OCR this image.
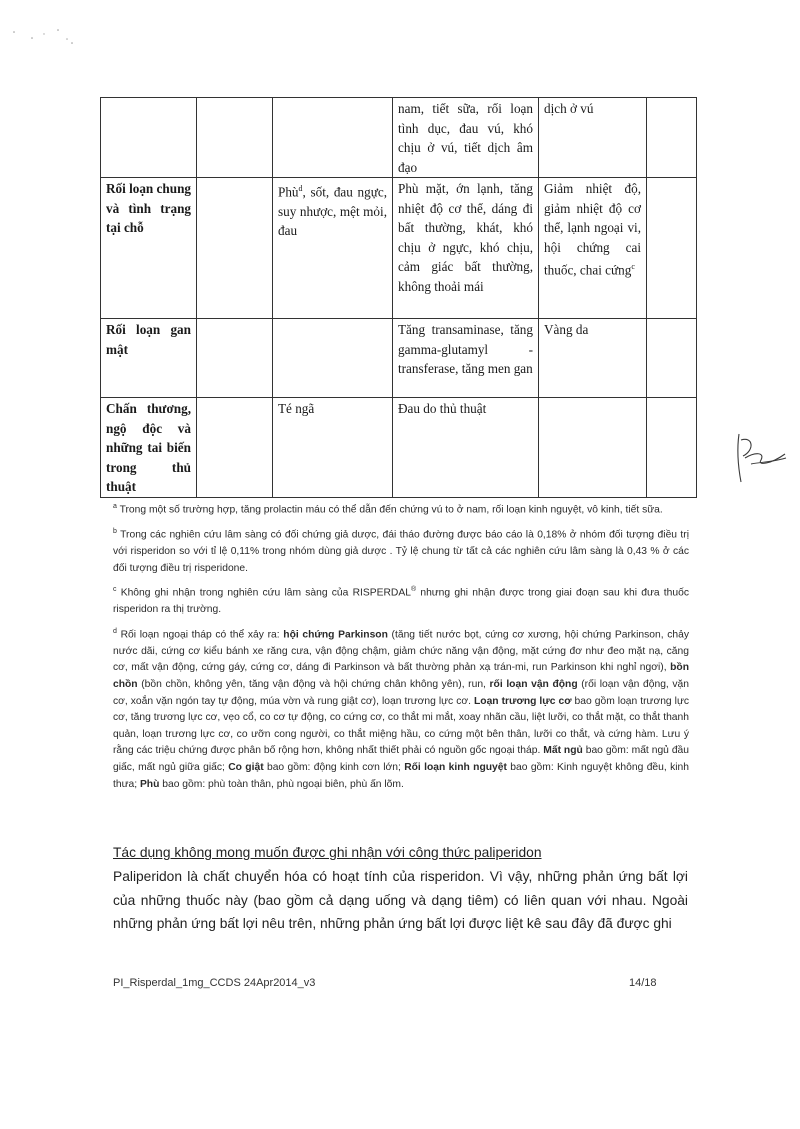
			nam, tiết sữa, rối loạn tình dục, đau vú, khó chịu ở vú, tiết dịch âm đạo	dịch ở vú	
Rối loạn chung và tình trạng tại chỗ		Phù$^d$, sốt, đau ngực, suy nhược, mệt mỏi, đau	Phù mặt, ớn lạnh, tăng nhiệt độ cơ thể, dáng đi bất thường, khát, khó chịu ở ngực, khó chịu, cảm giác bất thường, không thoải mái	Giảm nhiệt độ, giảm nhiệt độ cơ thể, lạnh ngoại vi, hội chứng cai thuốc, chai cứng$^c$	
Rối loạn gan mật			Tăng transaminase, tăng gamma-glutamyl -transferase, tăng men gan	Vàng da	
Chấn thương, ngộ độc và những tai biến trong thủ thuật		Té ngã	Đau do thủ thuật		

$^a$ Trong một số trường hợp, tăng prolactin máu có thể dẫn đến chứng vú to ở nam, rối loạn kinh nguyệt, vô kinh, tiết sữa.

$^b$ Trong các nghiên cứu lâm sàng có đối chứng giả dược, đái tháo đường được báo cáo là 0,18% ở nhóm đối tượng điều trị với risperidon so với tỉ lệ 0,11% trong nhóm dùng giả dược . Tỷ lệ chung từ tất cả các nghiên cứu lâm sàng là 0,43 % ở các đối tượng điều trị risperidone.

$^c$ Không ghi nhận trong nghiên cứu lâm sàng của RISPERDAL® nhưng ghi nhận được trong giai đoạn sau khi đưa thuốc risperidon ra thị trường.

$^d$ Rối loạn ngoại tháp có thể xảy ra: hội chứng Parkinson (tăng tiết nước bọt, cứng cơ xương, hội chứng Parkinson, chảy nước dãi, cứng cơ kiểu bánh xe răng cưa, vận động chậm, giảm chức năng vận động, mặt cứng đơ như đeo mặt nạ, căng cơ, mất vận động, cứng gáy, cứng cơ, dáng đi Parkinson và bất thường phản xạ trán-mi, run Parkinson khi nghỉ ngơi), bồn chồn (bồn chồn, không yên, tăng vận động và hội chứng chân không yên), run, rối loạn vận động (rối loạn vận động, vặn cơ, xoắn vặn ngón tay tự động, múa vờn và rung giật cơ), loạn trương lực cơ. Loạn trương lực cơ bao gồm loạn trương lực cơ, tăng trương lực cơ, vẹo cổ, co cơ tự động, co cứng cơ, co thắt mi mắt, xoay nhãn cầu, liệt lưỡi, co thắt mặt, co thắt thanh quản, loạn trương lực cơ, co ưỡn cong người, co thắt miệng hầu, co cứng một bên thân, lưỡi co thắt, và cứng hàm. Lưu ý rằng các triệu chứng được phân bố rộng hơn, không nhất thiết phải có nguồn gốc ngoại tháp. Mất ngủ bao gồm: mất ngủ đầu giấc, mất ngủ giữa giấc; Co giật bao gồm: động kinh cơn lớn; Rối loạn kinh nguyệt bao gồm: Kinh nguyệt không đều, kinh thưa; Phù bao gồm: phù toàn thân, phù ngoại biên, phù ấn lõm.

Tác dụng không mong muốn được ghi nhận với công thức paliperidon
Paliperidon là chất chuyển hóa có hoạt tính của risperidon. Vì vậy, những phản ứng bất lợi của những thuốc này (bao gồm cả dạng uống và dạng tiêm) có liên quan với nhau. Ngoài những phản ứng bất lợi nêu trên, những phản ứng bất lợi được liệt kê sau đây đã được ghi
PI_Risperdal_1mg_CCDS 24Apr2014_v3	14/18
